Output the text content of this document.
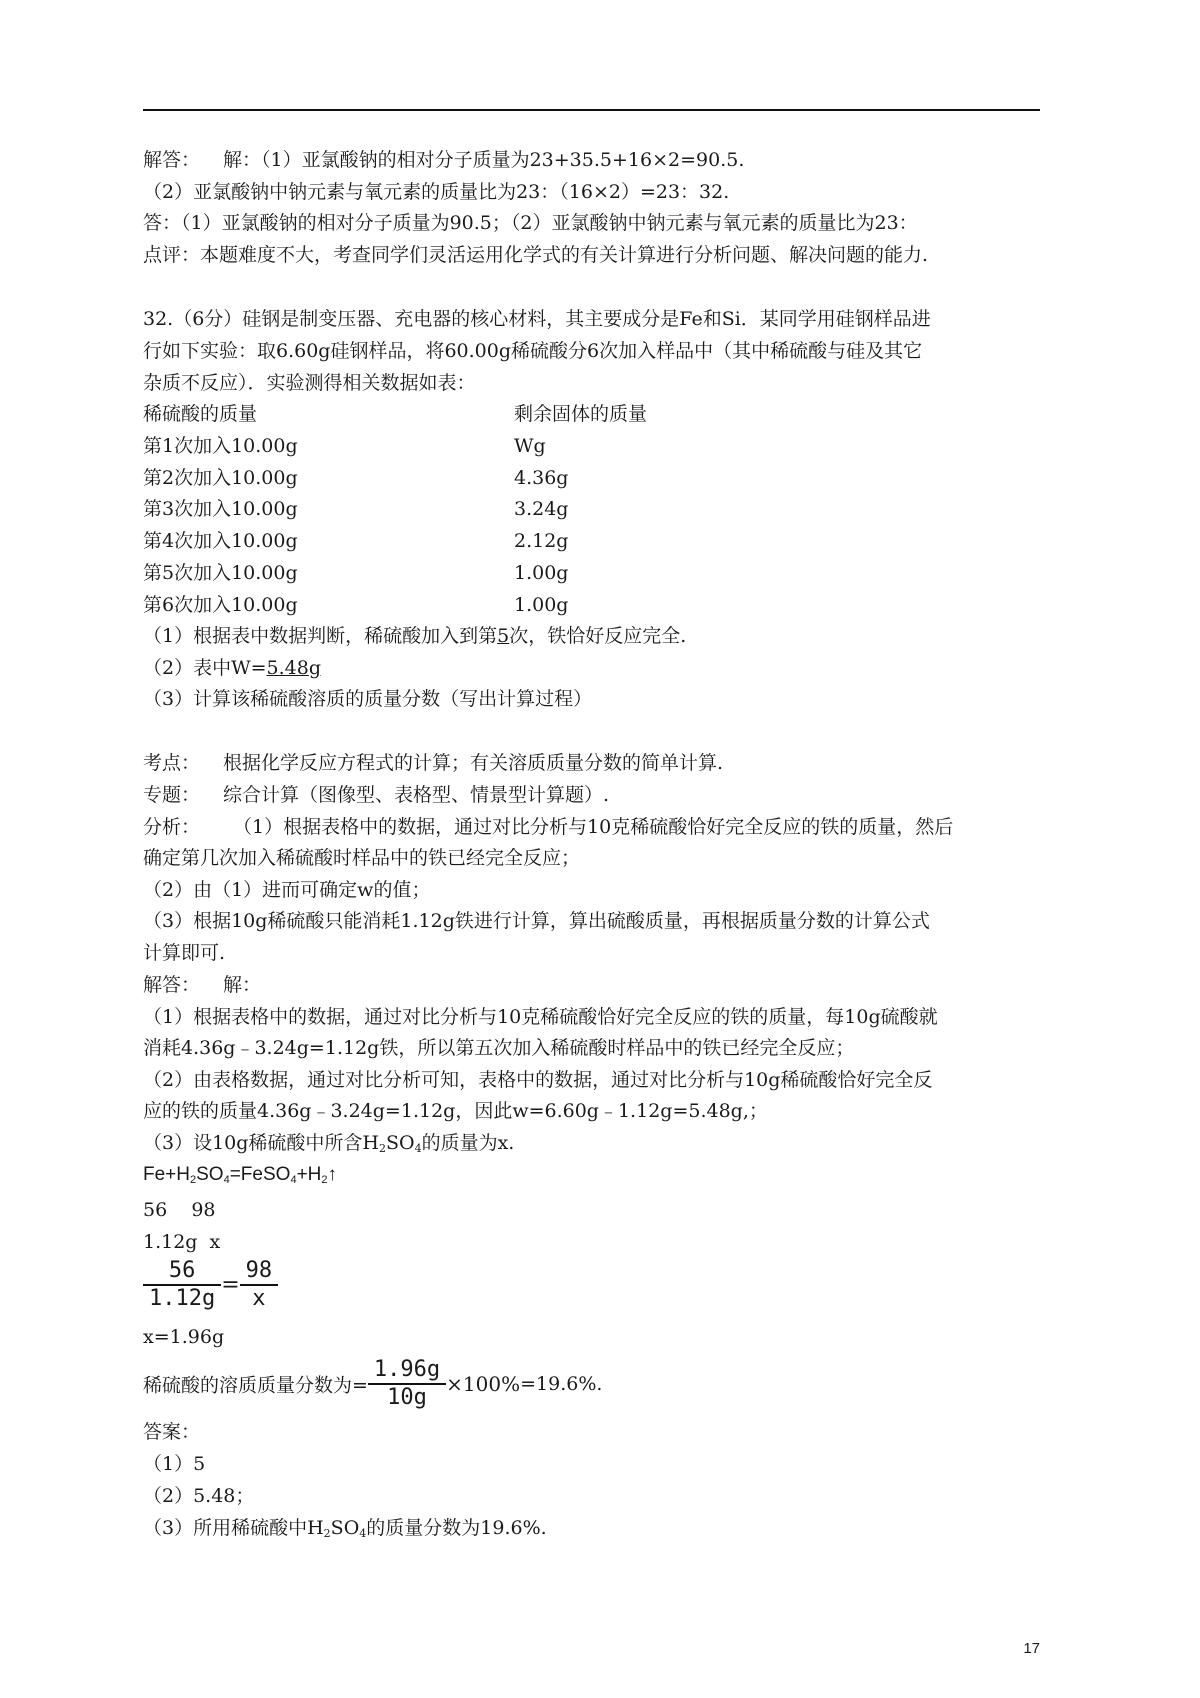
解答： 解：（1）亚氯酸钠的相对分子质量为23+35.5+16×2=90.5.
（2）亚氯酸钠中钠元素与氧元素的质量比为23：（16×2）=23：32.
答：（1）亚氯酸钠的相对分子质量为90.5；（2）亚氯酸钠中钠元素与氧元素的质量比为23：
点评：本题难度不大，考查同学们灵活运用化学式的有关计算进行分析问题、解决问题的能力.
32.（6分）硅钢是制变压器、充电器的核心材料，其主要成分是Fe和Si．某同学用硅钢样品进
行如下实验：取6.60g硅钢样品，将60.00g稀硫酸分6次加入样品中（其中稀硫酸与硅及其它
杂质不反应）．实验测得相关数据如表：
稀硫酸的质量	剩余固体的质量
第1次加入10.00g	Wg
第2次加入10.00g	4.36g
第3次加入10.00g	3.24g
第4次加入10.00g	2.12g
第5次加入10.00g	1.00g
第6次加入10.00g	1.00g
（1）根据表中数据判断，稀硫酸加入到第5次，铁恰好反应完全.
（2）表中W=5.48g
（3）计算该稀硫酸溶质的质量分数（写出计算过程）
考点： 根据化学反应方程式的计算；有关溶质质量分数的简单计算.
专题： 综合计算（图像型、表格型、情景型计算题）.
分析： （1）根据表格中的数据，通过对比分析与10克稀硫酸恰好完全反应的铁的质量，然后
确定第几次加入稀硫酸时样品中的铁已经完全反应；
（2）由（1）进而可确定w的值；
（3）根据10g稀硫酸只能消耗1.12g铁进行计算，算出硫酸质量，再根据质量分数的计算公式
计算即可.
解答： 解：
（1）根据表格中的数据，通过对比分析与10克稀硫酸恰好完全反应的铁的质量，每10g硫酸就
消耗4.36g﹣3.24g=1.12g铁，所以第五次加入稀硫酸时样品中的铁已经完全反应；
（2）由表格数据，通过对比分析可知，表格中的数据，通过对比分析与10g稀硫酸恰好完全反
应的铁的质量4.36g﹣3.24g=1.12g，因此w=6.60g﹣1.12g=5.48g,；
（3）设10g稀硫酸中所含$H_2SO_4$的质量为x.
$Fe+H_2SO_4=FeSO_4+H_2↑$
56    98
1.12g  x
$\frac{56}{1.12g} = \frac{98}{x}$
x=1.96g
稀硫酸的溶质质量分数为= $\frac{1.96g}{10g} \times 100\%=19.6\%$.
答案：
（1）5
（2）5.48；
（3）所用稀硫酸中$H_2SO_4$的质量分数为19.6%.
17
